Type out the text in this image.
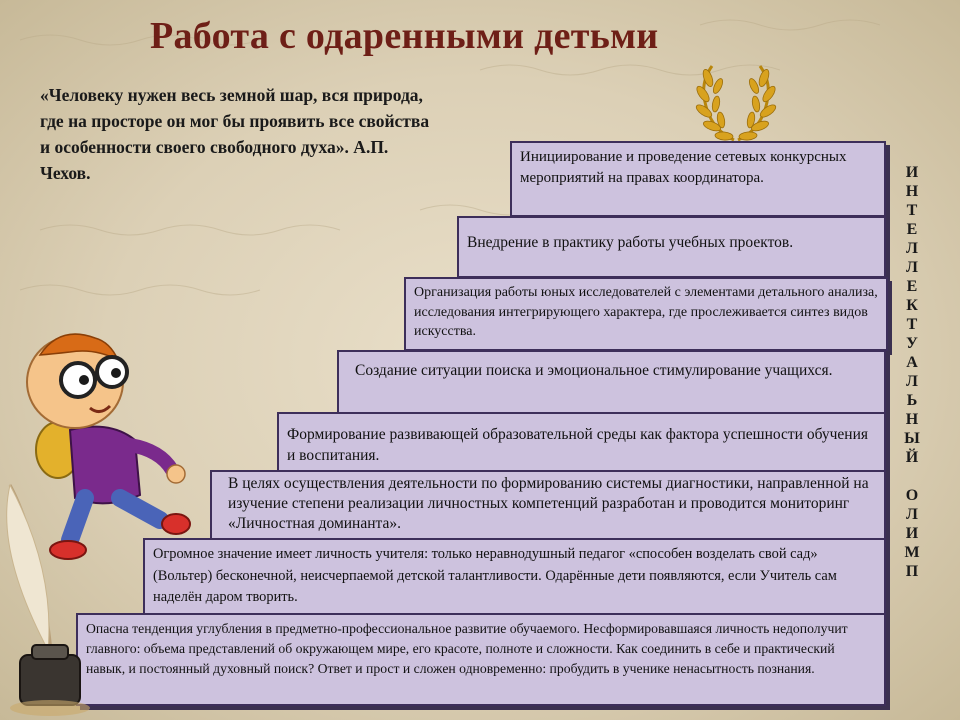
Работа с одаренными детьми

«Человеку нужен весь земной шар, вся природа, где на просторе он мог бы проявить все свойства и особенности своего свободного духа». А.П. Чехов.

Инициирование и проведение сетевых конкурсных мероприятий на правах координатора.
Внедрение в практику работы учебных проектов.
Организация работы юных исследователей с элементами детального анализа, исследования интегрирующего характера, где прослеживается синтез видов искусства.
Создание ситуации поиска и эмоциональное стимулирование учащихся.
Формирование развивающей образовательной среды как фактора успешности обучения и воспитания.
В целях осуществления деятельности по формированию системы диагностики, направленной на изучение степени реализации личностных компетенций разработан и проводится мониторинг «Личностная доминанта».
Огромное значение имеет личность учителя: только неравнодушный педагог «способен возделать свой сад» (Вольтер) бесконечной, неисчерпаемой детской талантливости. Одарённые дети появляются, если Учитель сам наделён даром творить.
Опасна тенденция углубления в предметно-профессиональное развитие обучаемого. Несформировавшаяся личность недополучит главного: объема представлений об окружающем мире, его красоте, полноте и сложности. Как соединить в себе и практический навык, и постоянный духовный поиск? Ответ и прост и сложен одновременно: пробудить в ученике ненасытность познания.
И
Н
Т
Е
Л
Л
Е
К
Т
У
А
Л
Ь
Н
Ы
Й
О
Л
И
М
П
